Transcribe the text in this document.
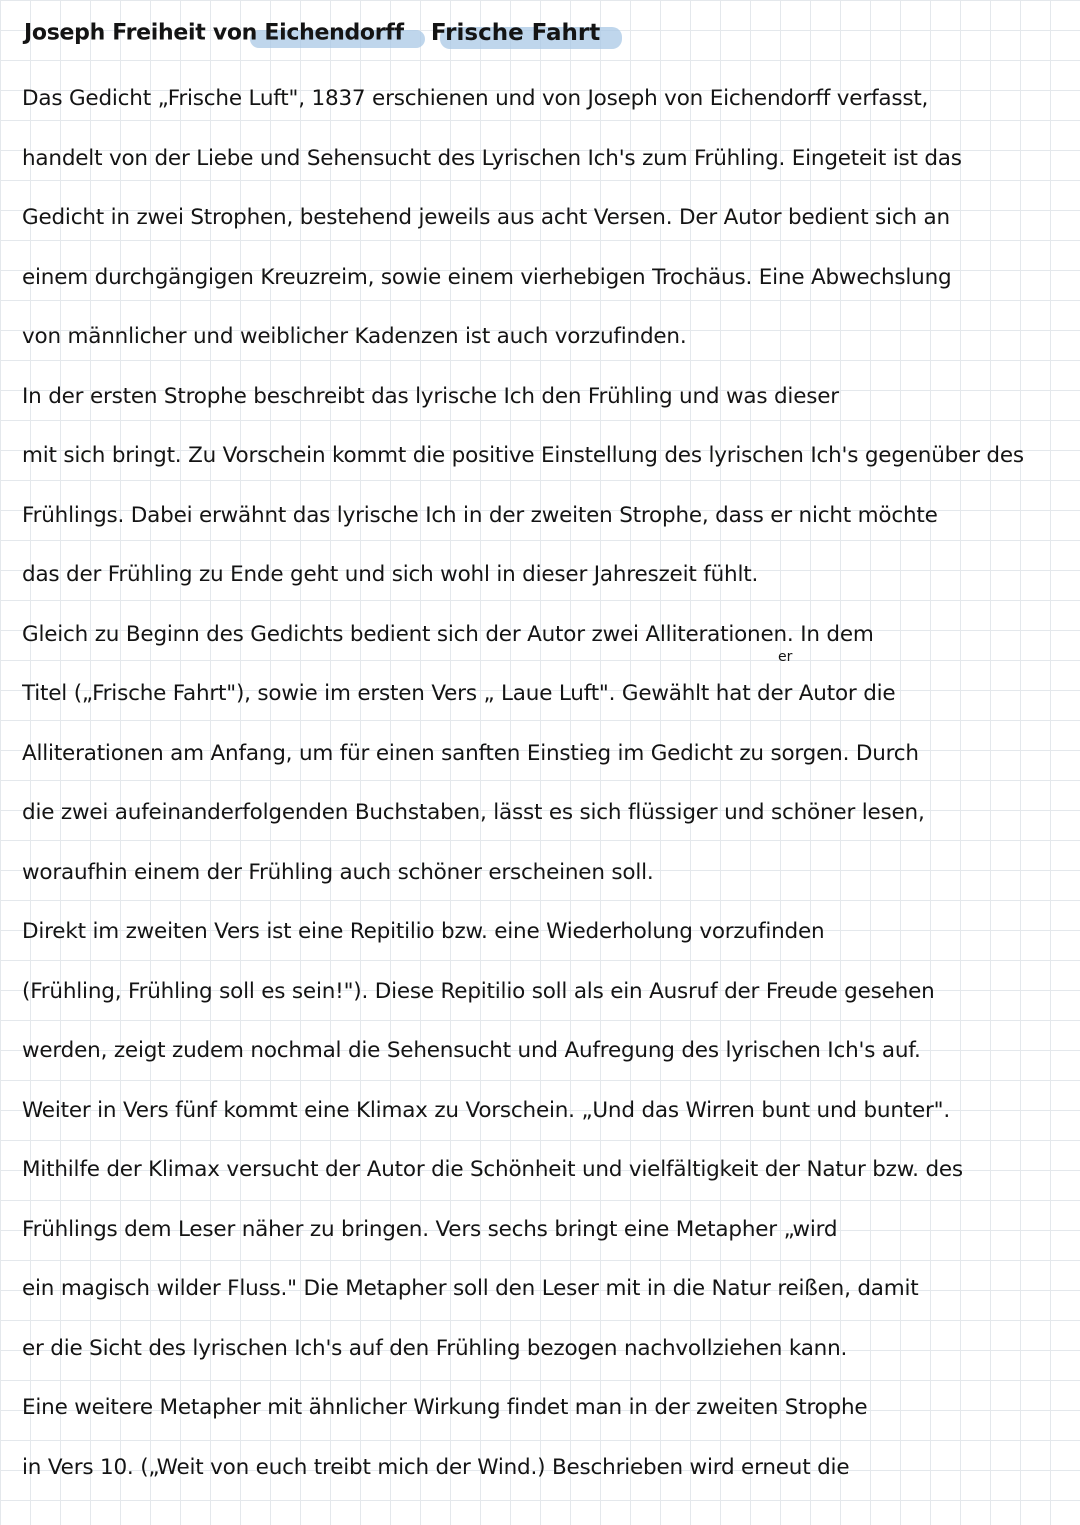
Joseph Freiheit von Eichendorff Frische Fahrt
Das Gedicht „Frische Luft", 1837 erschienen und von Joseph von Eichendorff verfasst,
handelt von der Liebe und Sehensucht des Lyrischen Ich's zum Frühling. Eingeteit ist das
Gedicht in zwei Strophen, bestehend jeweils aus acht Versen. Der Autor bedient sich an
einem durchgängigen Kreuzreim, sowie einem vierhebigen Trochäus. Eine Abwechslung
von männlicher und weiblicher Kadenzen ist auch vorzufinden.
In der ersten Strophe beschreibt das lyrische Ich den Frühling und was dieser
mit sich bringt. Zu Vorschein kommt die positive Einstellung des lyrischen Ich's gegenüber des
Frühlings. Dabei erwähnt das lyrische Ich in der zweiten Strophe, dass er nicht möchte
das der Frühling zu Ende geht und sich wohl in dieser Jahreszeit fühlt.
Gleich zu Beginn des Gedichts bedient sich der Autor zwei Alliterationen. In dem
Titel („Frische Fahrt"), sowie im ersten Vers „ Laue Luft". Gewählt hat der Autor die
Alliterationen am Anfang, um für einen sanften Einstieg im Gedicht zu sorgen. Durch
die zwei aufeinanderfolgenden Buchstaben, lässt es sich flüssiger und schöner lesen,
woraufhin einem der Frühling auch schöner erscheinen soll.
Direkt im zweiten Vers ist eine Repitilio bzw. eine Wiederholung vorzufinden
(Frühling, Frühling soll es sein!"). Diese Repitilio soll als ein Ausruf der Freude gesehen
werden, zeigt zudem nochmal die Sehensucht und Aufregung des lyrischen Ich's auf.
Weiter in Vers fünf kommt eine Klimax zu Vorschein. „Und das Wirren bunt und bunter".
Mithilfe der Klimax versucht der Autor die Schönheit und vielfältigkeit der Natur bzw. des
Frühlings dem Leser näher zu bringen. Vers sechs bringt eine Metapher „wird
ein magisch wilder Fluss." Die Metapher soll den Leser mit in die Natur reißen, damit
er die Sicht des lyrischen Ich's auf den Frühling bezogen nachvollziehen kann.
Eine weitere Metapher mit ähnlicher Wirkung findet man in der zweiten Strophe
in Vers 10. („Weit von euch treibt mich der Wind.) Beschrieben wird erneut die
er
